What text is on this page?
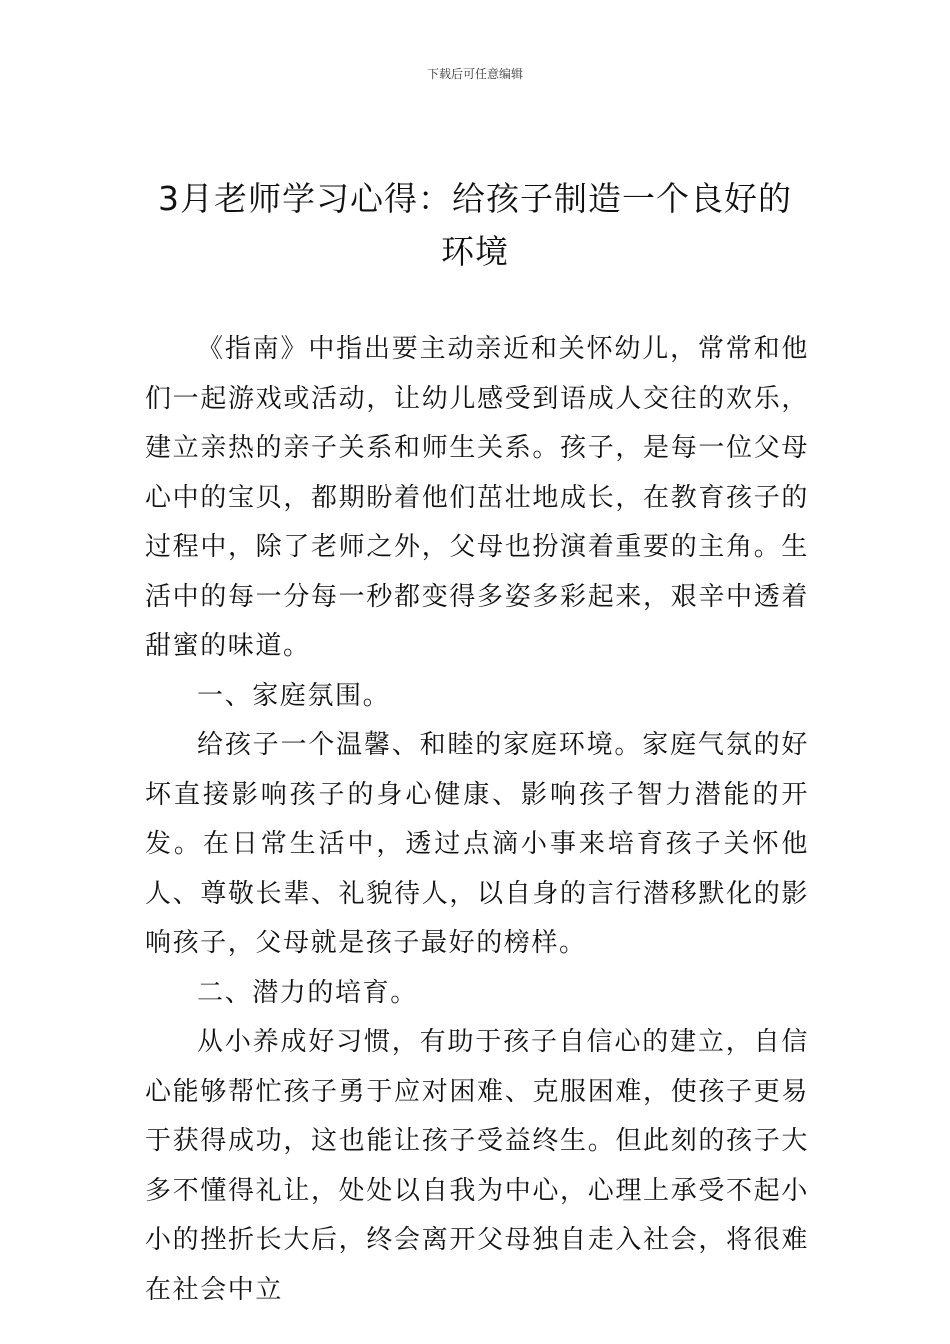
下载后可任意编辑
3月老师学习心得：给孩子制造一个良好的
环境

《指南》中指出要主动亲近和关怀幼儿，常常和他们一起游戏或活动，让幼儿感受到语成人交往的欢乐，建立亲热的亲子关系和师生关系。孩子，是每一位父母心中的宝贝，都期盼着他们茁壮地成长，在教育孩子的过程中，除了老师之外，父母也扮演着重要的主角。生活中的每一分每一秒都变得多姿多彩起来，艰辛中透着甜蜜的味道。

一、家庭氛围。

给孩子一个温馨、和睦的家庭环境。家庭气氛的好坏直接影响孩子的身心健康、影响孩子智力潜能的开发。在日常生活中，透过点滴小事来培育孩子关怀他人、尊敬长辈、礼貌待人，以自身的言行潜移默化的影响孩子，父母就是孩子最好的榜样。

二、潜力的培育。

从小养成好习惯，有助于孩子自信心的建立，自信心能够帮忙孩子勇于应对困难、克服困难，使孩子更易于获得成功，这也能让孩子受益终生。但此刻的孩子大多不懂得礼让，处处以自我为中心，心理上承受不起小小的挫折长大后，终会离开父母独自走入社会，将很难在社会中立
